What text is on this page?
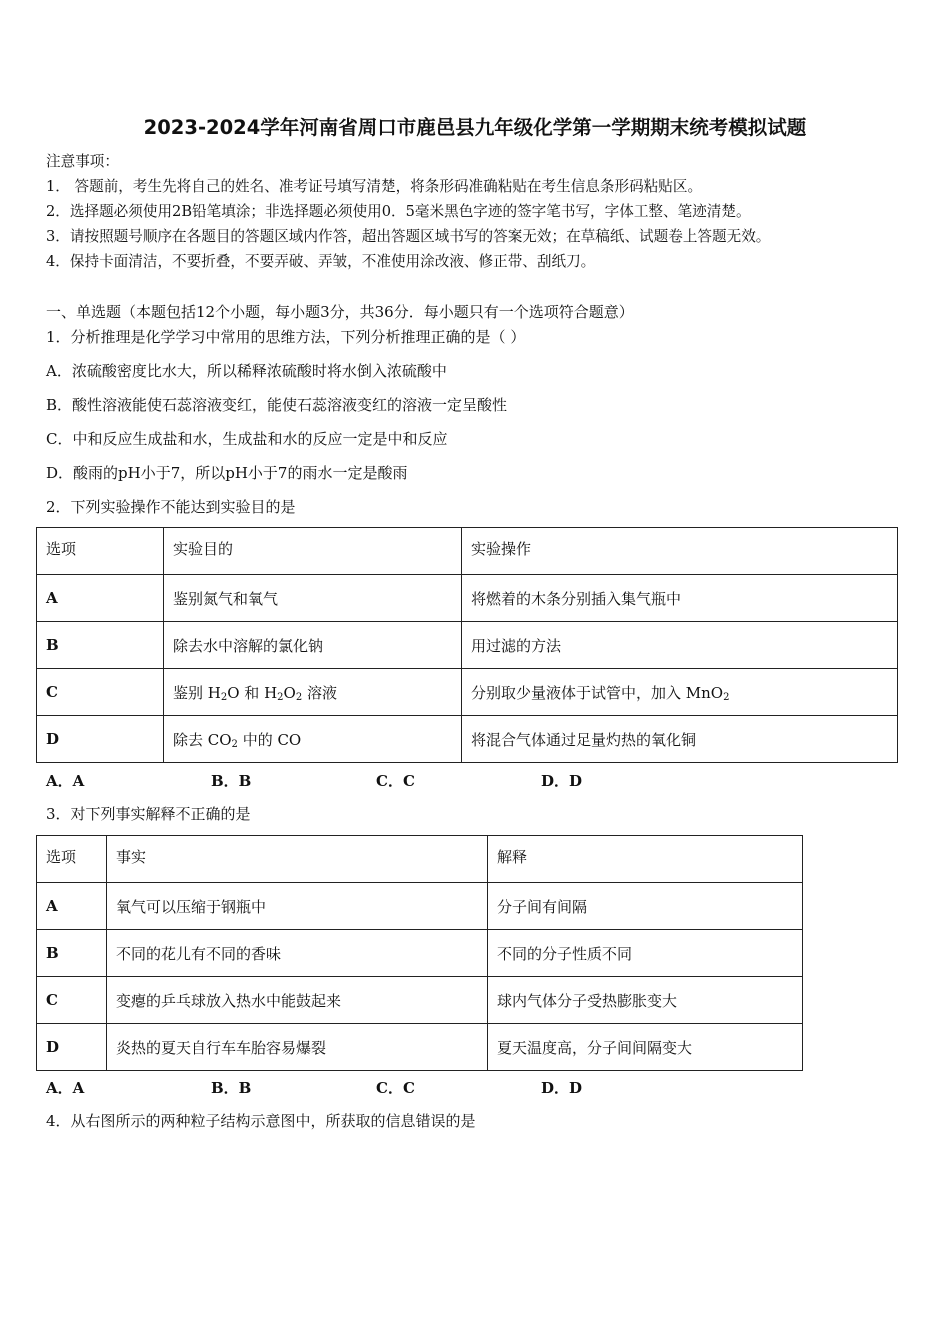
2023-2024学年河南省周口市鹿邑县九年级化学第一学期期末统考模拟试题
注意事项：
1． 答题前，考生先将自己的姓名、准考证号填写清楚，将条形码准确粘贴在考生信息条形码粘贴区。
2．选择题必须使用2B铅笔填涂；非选择题必须使用0．5毫米黑色字迹的签字笔书写，字体工整、笔迹清楚。
3．请按照题号顺序在各题目的答题区域内作答，超出答题区域书写的答案无效；在草稿纸、试题卷上答题无效。
4．保持卡面清洁，不要折叠，不要弄破、弄皱，不准使用涂改液、修正带、刮纸刀。
一、单选题（本题包括12个小题，每小题3分，共36分．每小题只有一个选项符合题意）
1．分析推理是化学学习中常用的思维方法，下列分析推理正确的是（ ）
A．浓硫酸密度比水大，所以稀释浓硫酸时将水倒入浓硫酸中
B．酸性溶液能使石蕊溶液变红，能使石蕊溶液变红的溶液一定呈酸性
C．中和反应生成盐和水，生成盐和水的反应一定是中和反应
D．酸雨的pH小于7，所以pH小于7的雨水一定是酸雨
2．下列实验操作不能达到实验目的是
选项	实验目的	实验操作
A	鉴别氮气和氧气	将燃着的木条分别插入集气瓶中
B	除去水中溶解的氯化钠	用过滤的方法
C	鉴别 $H_2O$ 和 $H_2O_2$ 溶液	分别取少量液体于试管中，加入 MnO$_2$
D	除去 $CO_2$ 中的 CO	将混合气体通过足量灼热的氧化铜
A．A	B．B	C．C	D．D
3．对下列事实解释不正确的是
选项	事实	解释
A	氧气可以压缩于钢瓶中	分子间有间隔
B	不同的花儿有不同的香味	不同的分子性质不同
C	变瘪的乒乓球放入热水中能鼓起来	球内气体分子受热膨胀变大
D	炎热的夏天自行车车胎容易爆裂	夏天温度高，分子间间隔变大
A．A	B．B	C．C	D．D
4．从右图所示的两种粒子结构示意图中，所获取的信息错误的是
